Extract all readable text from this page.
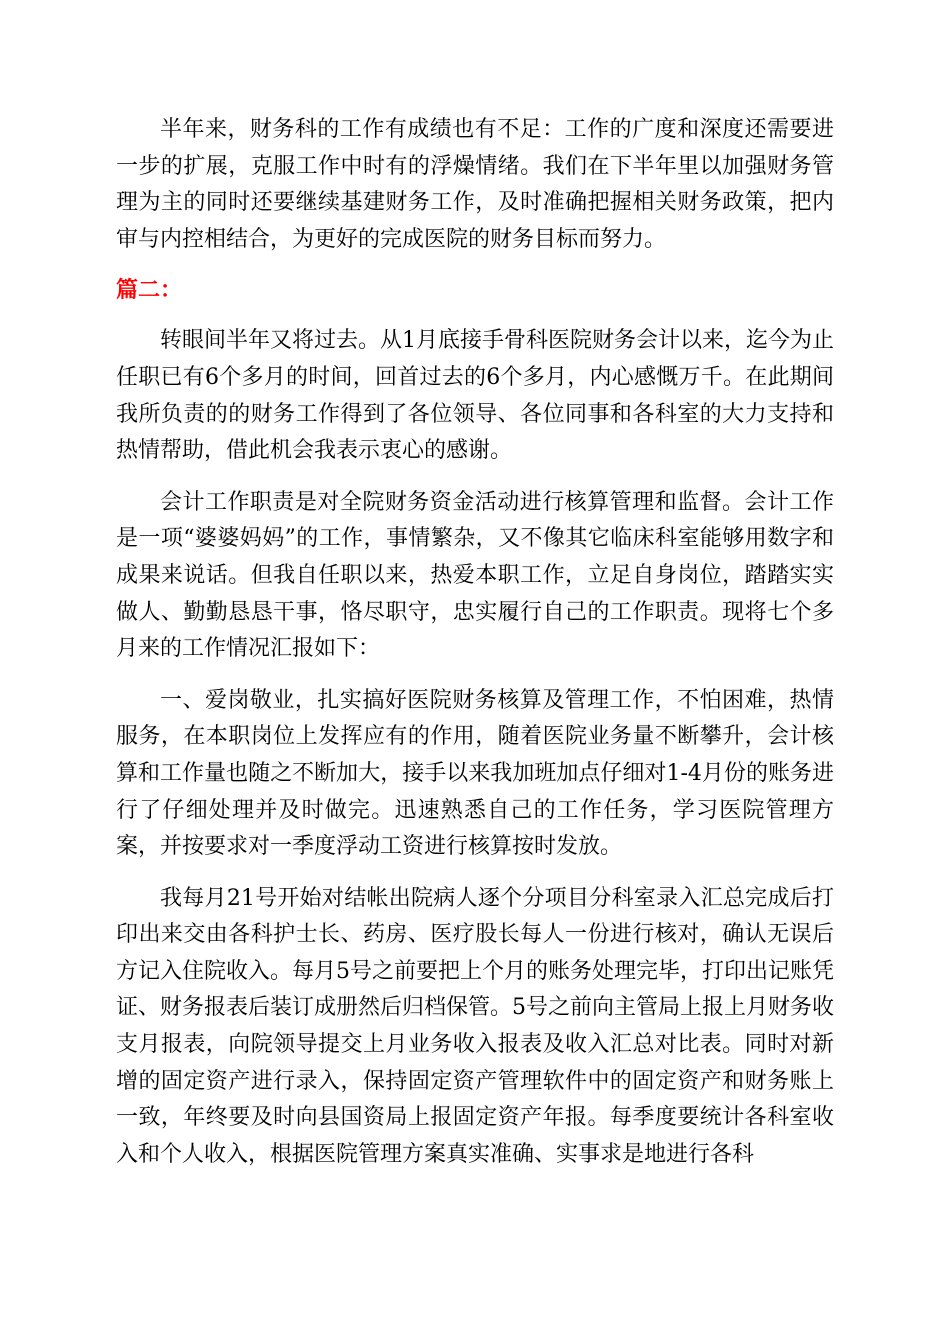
半年来，财务科的工作有成绩也有不足：工作的广度和深度还需要进一步的扩展，克服工作中时有的浮燥情绪。我们在下半年里以加强财务管理为主的同时还要继续基建财务工作，及时准确把握相关财务政策，把内审与内控相结合，为更好的完成医院的财务目标而努力。

篇二：

转眼间半年又将过去。从1月底接手骨科医院财务会计以来，迄今为止任职已有6个多月的时间，回首过去的6个多月，内心感慨万千。在此期间我所负责的的财务工作得到了各位领导、各位同事和各科室的大力支持和热情帮助，借此机会我表示衷心的感谢。

会计工作职责是对全院财务资金活动进行核算管理和监督。会计工作是一项“婆婆妈妈”的工作，事情繁杂，又不像其它临床科室能够用数字和成果来说话。但我自任职以来，热爱本职工作，立足自身岗位，踏踏实实做人、勤勤恳恳干事，恪尽职守，忠实履行自己的工作职责。现将七个多月来的工作情况汇报如下：

一、爱岗敬业，扎实搞好医院财务核算及管理工作，不怕困难，热情服务，在本职岗位上发挥应有的作用，随着医院业务量不断攀升，会计核算和工作量也随之不断加大，接手以来我加班加点仔细对1-4月份的账务进行了仔细处理并及时做完。迅速熟悉自己的工作任务，学习医院管理方案，并按要求对一季度浮动工资进行核算按时发放。

我每月21号开始对结帐出院病人逐个分项目分科室录入汇总完成后打印出来交由各科护士长、药房、医疗股长每人一份进行核对，确认无误后方记入住院收入。每月5号之前要把上个月的账务处理完毕，打印出记账凭证、财务报表后装订成册然后归档保管。5号之前向主管局上报上月财务收支月报表，向院领导提交上月业务收入报表及收入汇总对比表。同时对新增的固定资产进行录入，保持固定资产管理软件中的固定资产和财务账上一致，年终要及时向县国资局上报固定资产年报。每季度要统计各科室收入和个人收入，根据医院管理方案真实准确、实事求是地进行各科
